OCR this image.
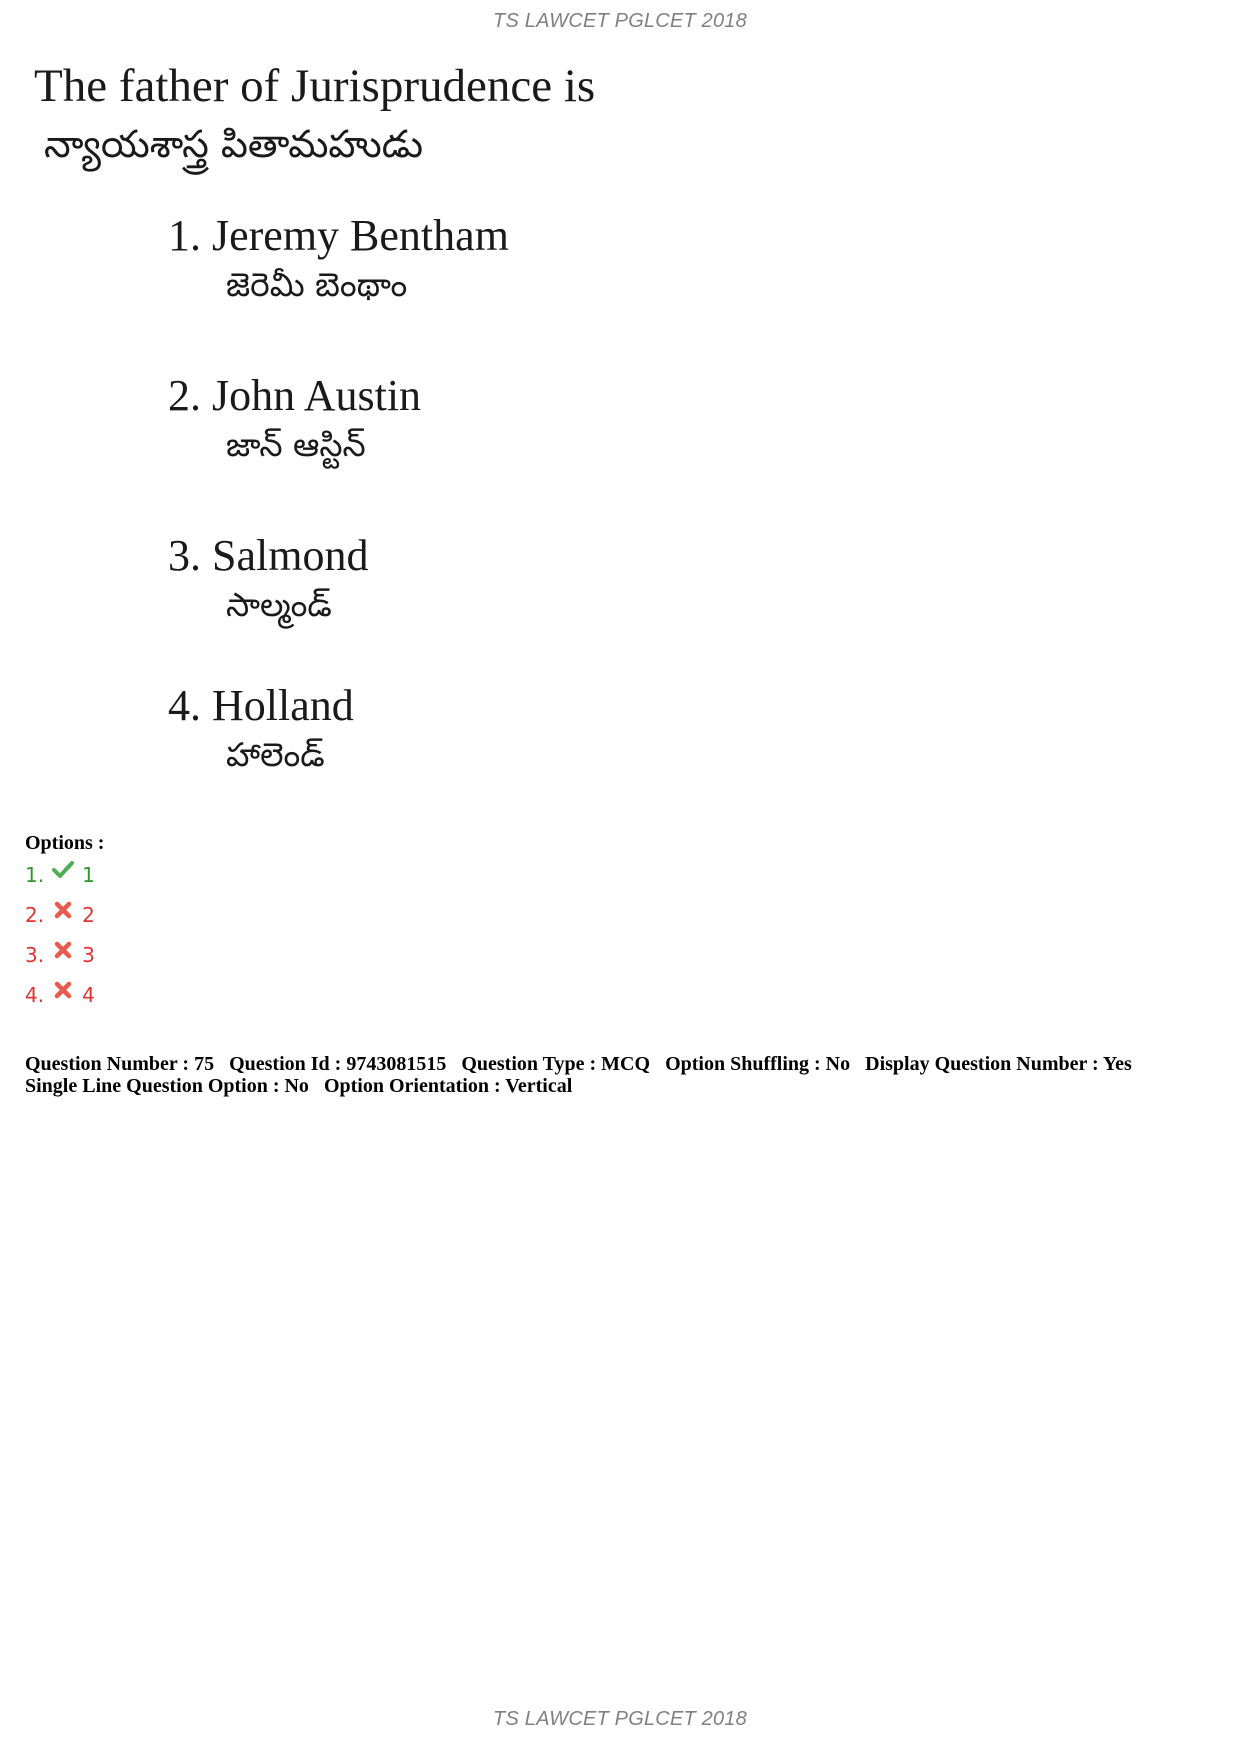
TS LAWCET PGLCET 2018
The father of Jurisprudence is
న్యాయశాస్త్ర పితామహుడు
1. Jeremy Bentham
జెరెమీ బెంథాం
2. John Austin
జాన్ ఆస్టిన్
3. Salmond
సాల్మండ్
4. Holland
హాలెండ్
Options :
1. 1
2. 2
3. 3
4. 4
Question Number : 75 Question Id : 9743081515 Question Type : MCQ Option Shuffling : No Display Question Number : Yes
Single Line Question Option : No Option Orientation : Vertical
TS LAWCET PGLCET 2018
